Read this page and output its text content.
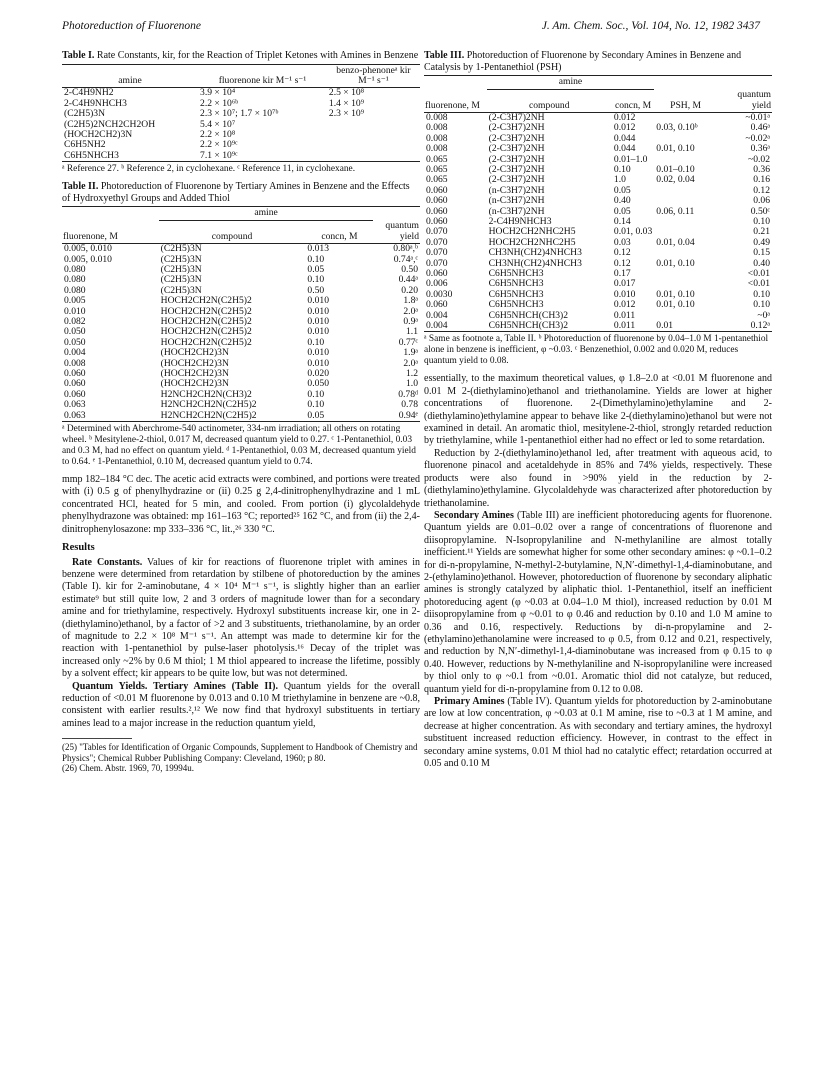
Photoreduction of Fluorenone	J. Am. Chem. Soc., Vol. 104, No. 12, 1982 3437
Table I. Rate Constants, kir, for the Reaction of Triplet Ketones with Amines in Benzene
amine	fluorenone kir M⁻¹ s⁻¹	benzo-phenoneᵃ kir M⁻¹ s⁻¹
2-C4H9NH2	3.9 × 10⁴	2.5 × 10⁸
2-C4H9NHCH3	2.2 × 10⁶ᵇ	1.4 × 10⁹
(C2H5)3N	2.3 × 10⁷; 1.7 × 10⁷ᵇ	2.3 × 10⁹
(C2H5)2NCH2CH2OH	5.4 × 10⁷	
(HOCH2CH2)3N	2.2 × 10⁸	
C6H5NH2	2.2 × 10⁹ᶜ	
C6H5NHCH3	7.1 × 10⁹ᶜ	
ᵃ Reference 27. ᵇ Reference 2, in cyclohexane. ᶜ Reference 11, in cyclohexane.
Table II. Photoreduction of Fluorenone by Tertiary Amines in Benzene and the Effects of Hydroxyethyl Groups and Added Thiol
	amine		
fluorenone, M	compound	concn, M	quantum yield
0.005, 0.010	(C2H5)3N	0.013	0.80ᵃ,ᵇ
0.005, 0.010	(C2H5)3N	0.10	0.74ᵃ,ᶜ
0.080	(C2H5)3N	0.05	0.50
0.080	(C2H5)3N	0.10	0.44ᵃ
0.080	(C2H5)3N	0.50	0.20
0.005	HOCH2CH2N(C2H5)2	0.010	1.8ᵃ
0.010	HOCH2CH2N(C2H5)2	0.010	2.0ᵃ
0.082	HOCH2CH2N(C2H5)2	0.010	0.9ᵃ
0.050	HOCH2CH2N(C2H5)2	0.010	1.1
0.050	HOCH2CH2N(C2H5)2	0.10	0.77ᶜ
0.004	(HOCH2CH2)3N	0.010	1.9ᵃ
0.008	(HOCH2CH2)3N	0.010	2.0ᵃ
0.060	(HOCH2CH2)3N	0.020	1.2
0.060	(HOCH2CH2)3N	0.050	1.0
0.060	H2NCH2CH2N(CH3)2	0.10	0.78ᵈ
0.063	H2NCH2CH2N(C2H5)2	0.10	0.78
0.063	H2NCH2CH2N(C2H5)2	0.05	0.94ᵉ
ᵃ Determined with Aberchrome-540 actinometer, 334-nm irradiation; all others on rotating wheel. ᵇ Mesitylene-2-thiol, 0.017 M, decreased quantum yield to 0.27. ᶜ 1-Pentanethiol, 0.03 and 0.3 M, had no effect on quantum yield. ᵈ 1-Pentanethiol, 0.03 M, decreased quantum yield to 0.64. ᵉ 1-Pentanethiol, 0.10 M, decreased quantum yield to 0.74.

mmp 182–184 °C dec. The acetic acid extracts were combined, and portions were treated with (i) 0.5 g of phenylhydrazine or (ii) 0.25 g 2,4-dinitrophenylhydrazine and 1 mL concentrated HCl, heated for 5 min, and cooled. From portion (i) glycolaldehyde phenylhydrazone was obtained: mp 161–163 °C; reported²⁵ 162 °C, and from (ii) the 2,4-dinitrophenylosazone: mp 333–336 °C, lit.,²⁶ 330 °C.

Results

Rate Constants. Values of kir for reactions of fluorenone triplet with amines in benzene were determined from retardation by stilbene of photoreduction by the amines (Table I). kir for 2-aminobutane, 4 × 10⁴ M⁻¹ s⁻¹, is slightly higher than an earlier estimate⁹ but still quite low, 2 and 3 orders of magnitude lower than for a secondary amine and for triethylamine, respectively. Hydroxyl substituents increase kir, one in 2-(diethylamino)ethanol, by a factor of >2 and 3 substituents, triethanolamine, by an order of magnitude to 2.2 × 10⁸ M⁻¹ s⁻¹. An attempt was made to determine kir for the reaction with 1-pentanethiol by pulse-laser photolysis.¹⁶ Decay of the triplet was increased only ~2% by 0.6 M thiol; 1 M thiol appeared to increase the lifetime, possibly by a solvent effect; kir appears to be quite low, but was not determined.

Quantum Yields. Tertiary Amines (Table II). Quantum yields for the overall reduction of <0.01 M fluorenone by 0.013 and 0.10 M triethylamine in benzene are ~0.8, consistent with earlier results.²,¹² We now find that hydroxyl substituents in tertiary amines lead to a major increase in the reduction quantum yield,

(25) "Tables for Identification of Organic Compounds, Supplement to Handbook of Chemistry and Physics"; Chemical Rubber Publishing Company: Cleveland, 1960; p 80.
(26) Chem. Abstr. 1969, 70, 19994u.
Table III. Photoreduction of Fluorenone by Secondary Amines in Benzene and Catalysis by 1-Pentanethiol (PSH)
	amine			
fluorenone, M	compound	concn, M	PSH, M	quantum yield
0.008	(2-C3H7)2NH	0.012		~0.01ᵃ
0.008	(2-C3H7)2NH	0.012	0.03, 0.10ᵇ	0.46ᵃ
0.008	(2-C3H7)2NH	0.044		~0.02ᵃ
0.008	(2-C3H7)2NH	0.044	0.01, 0.10	0.36ᵃ
0.065	(2-C3H7)2NH	0.01–1.0		~0.02
0.065	(2-C3H7)2NH	0.10	0.01–0.10	0.36
0.065	(2-C3H7)2NH	1.0	0.02, 0.04	0.16
0.060	(n-C3H7)2NH	0.05		0.12
0.060	(n-C3H7)2NH	0.40		0.06
0.060	(n-C3H7)2NH	0.05	0.06, 0.11	0.50ᶜ
0.060	2-C4H9NHCH3	0.14		0.10
0.070	HOCH2CH2NHC2H5	0.01, 0.03		0.21
0.070	HOCH2CH2NHC2H5	0.03	0.01, 0.04	0.49
0.070	CH3NH(CH2)4NHCH3	0.12		0.15
0.070	CH3NH(CH2)4NHCH3	0.12	0.01, 0.10	0.40
0.060	C6H5NHCH3	0.17		<0.01
0.006	C6H5NHCH3	0.017		<0.01
0.0030	C6H5NHCH3	0.010	0.01, 0.10	0.10
0.060	C6H5NHCH3	0.012	0.01, 0.10	0.10
0.004	C6H5NHCH(CH3)2	0.011		~0ᵃ
0.004	C6H5NHCH(CH3)2	0.011	0.01	0.12ᵃ
ᵃ Same as footnote a, Table II. ᵇ Photoreduction of fluorenone by 0.04–1.0 M 1-pentanethiol alone in benzene is inefficient, φ ~0.03. ᶜ Benzenethiol, 0.002 and 0.020 M, reduces quantum yield to 0.08.

essentially, to the maximum theoretical values, φ 1.8–2.0 at <0.01 M fluorenone and 0.01 M 2-(diethylamino)ethanol and triethanolamine. Yields are lower at higher concentrations of fluorenone. 2-(Dimethylamino)ethylamine and 2-(diethylamino)ethylamine appear to behave like 2-(diethylamino)ethanol but were not examined in detail. An aromatic thiol, mesitylene-2-thiol, strongly retarded reduction by triethylamine, while 1-pentanethiol either had no effect or led to some retardation.

Reduction by 2-(diethylamino)ethanol led, after treatment with aqueous acid, to fluorenone pinacol and acetaldehyde in 85% and 74% yields, respectively. These products were also found in >90% yield in the reduction by 2-(diethylamino)ethylamine. Glycolaldehyde was characterized after photoreduction by triethanolamine.

Secondary Amines (Table III) are inefficient photoreducing agents for fluorenone. Quantum yields are 0.01–0.02 over a range of concentrations of fluorenone and diisopropylamine. N-Isopropylaniline and N-methylaniline are almost totally inefficient.¹¹ Yields are somewhat higher for some other secondary amines: φ ~0.1–0.2 for di-n-propylamine, N-methyl-2-butylamine, N,N′-dimethyl-1,4-diaminobutane, and 2-(ethylamino)ethanol. However, photoreduction of fluorenone by secondary aliphatic amines is strongly catalyzed by aliphatic thiol. 1-Pentanethiol, itself an inefficient photoreducing agent (φ ~0.03 at 0.04–1.0 M thiol), increased reduction by 0.01 M diisopropylamine from φ ~0.01 to φ 0.46 and reduction by 0.10 and 1.0 M amine to 0.36 and 0.16, respectively. Reductions by di-n-propylamine and 2-(ethylamino)ethanolamine were increased to φ 0.5, from 0.12 and 0.21, respectively, and reduction by N,N′-dimethyl-1,4-diaminobutane was increased from φ 0.15 to φ 0.40. However, reductions by N-methylaniline and N-isopropylaniline were increased by thiol only to φ ~0.1 from ~0.01. Aromatic thiol did not catalyze, but reduced, quantum yield for di-n-propylamine from 0.12 to 0.08.

Primary Amines (Table IV). Quantum yields for photoreduction by 2-aminobutane are low at low concentration, φ ~0.03 at 0.1 M amine, rise to ~0.3 at 1 M amine, and decrease at higher concentration. As with secondary and tertiary amines, the hydroxyl substituent increased reduction efficiency. However, in contrast to the effect in secondary amine systems, 0.01 M thiol had no catalytic effect; retardation occurred at 0.05 and 0.10 M
